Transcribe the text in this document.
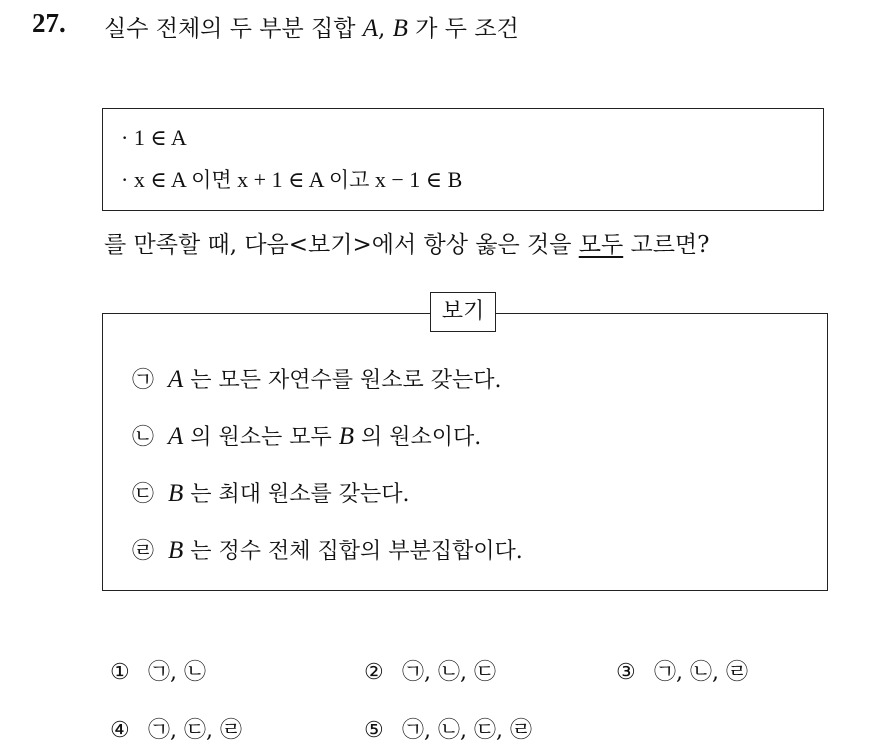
27. 실수 전체의 두 부분 집합 A, B 가 두 조건
· 1 ∈ A
· x ∈ A 이면 x + 1 ∈ A 이고 x − 1 ∈ B
를 만족할 때, 다음<보기>에서 항상 옳은 것을 모두 고르면?
보기
㉠ A 는 모든 자연수를 원소로 갖는다.
㉡ A 의 원소는 모두 B 의 원소이다.
㉢ B 는 최대 원소를 갖는다.
㉣ B 는 정수 전체 집합의 부분집합이다.
① ㉠, ㉡	② ㉠, ㉡, ㉢	③ ㉠, ㉡, ㉣
④ ㉠, ㉢, ㉣	⑤ ㉠, ㉡, ㉢, ㉣
